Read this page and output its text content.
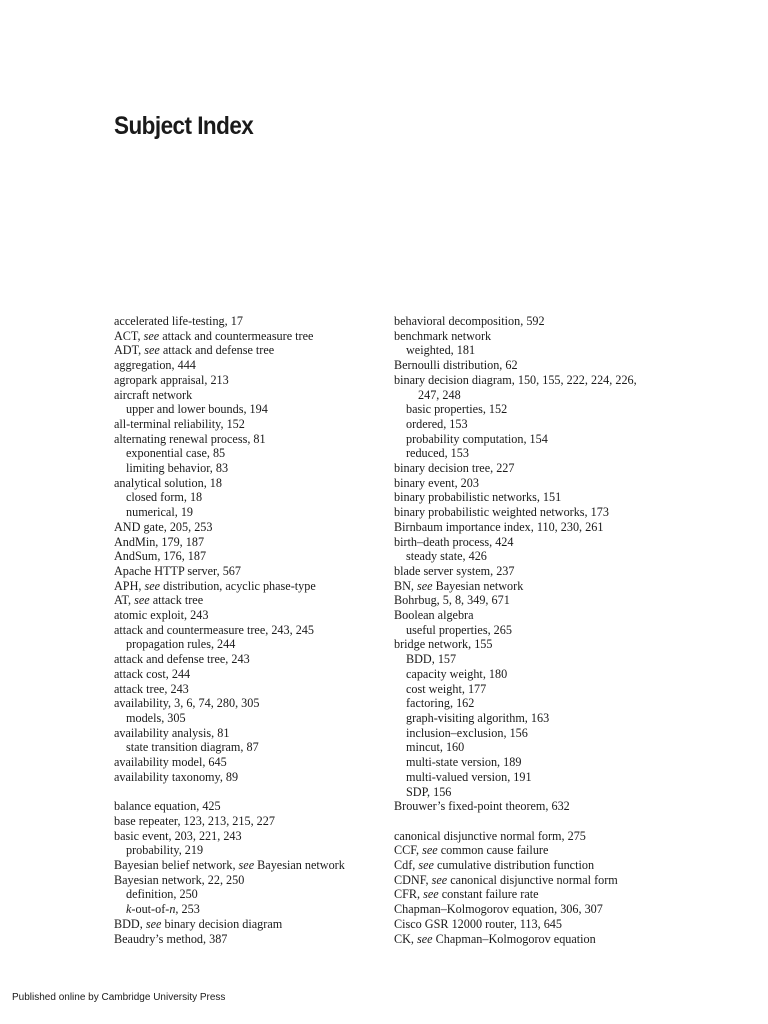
Subject Index
accelerated life-testing, 17
ACT, see attack and countermeasure tree
ADT, see attack and defense tree
aggregation, 444
agropark appraisal, 213
aircraft network
upper and lower bounds, 194
all-terminal reliability, 152
alternating renewal process, 81
exponential case, 85
limiting behavior, 83
analytical solution, 18
closed form, 18
numerical, 19
AND gate, 205, 253
AndMin, 179, 187
AndSum, 176, 187
Apache HTTP server, 567
APH, see distribution, acyclic phase-type
AT, see attack tree
atomic exploit, 243
attack and countermeasure tree, 243, 245
propagation rules, 244
attack and defense tree, 243
attack cost, 244
attack tree, 243
availability, 3, 6, 74, 280, 305
models, 305
availability analysis, 81
state transition diagram, 87
availability model, 645
availability taxonomy, 89
balance equation, 425
base repeater, 123, 213, 215, 227
basic event, 203, 221, 243
probability, 219
Bayesian belief network, see Bayesian network
Bayesian network, 22, 250
definition, 250
k-out-of-n, 253
BDD, see binary decision diagram
Beaudry’s method, 387
behavioral decomposition, 592
benchmark network
weighted, 181
Bernoulli distribution, 62
binary decision diagram, 150, 155, 222, 224, 226,
247, 248
basic properties, 152
ordered, 153
probability computation, 154
reduced, 153
binary decision tree, 227
binary event, 203
binary probabilistic networks, 151
binary probabilistic weighted networks, 173
Birnbaum importance index, 110, 230, 261
birth–death process, 424
steady state, 426
blade server system, 237
BN, see Bayesian network
Bohrbug, 5, 8, 349, 671
Boolean algebra
useful properties, 265
bridge network, 155
BDD, 157
capacity weight, 180
cost weight, 177
factoring, 162
graph-visiting algorithm, 163
inclusion–exclusion, 156
mincut, 160
multi-state version, 189
multi-valued version, 191
SDP, 156
Brouwer’s fixed-point theorem, 632
canonical disjunctive normal form, 275
CCF, see common cause failure
Cdf, see cumulative distribution function
CDNF, see canonical disjunctive normal form
CFR, see constant failure rate
Chapman–Kolmogorov equation, 306, 307
Cisco GSR 12000 router, 113, 645
CK, see Chapman–Kolmogorov equation
Published online by Cambridge University Press
